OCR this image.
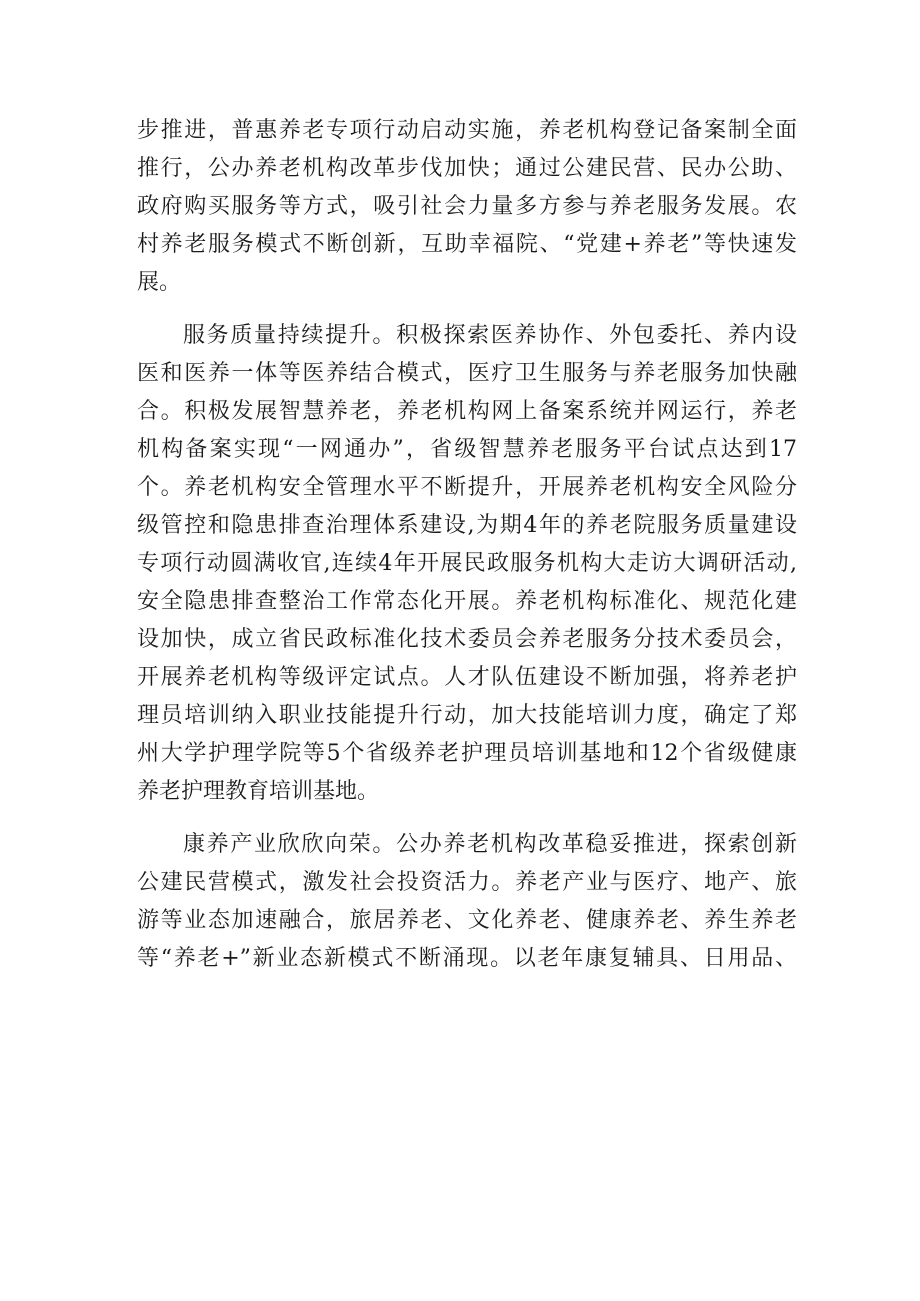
步推进，普惠养老专项行动启动实施，养老机构登记备案制全面
推行，公办养老机构改革步伐加快；通过公建民营、民办公助、
政府购买服务等方式，吸引社会力量多方参与养老服务发展。农
村养老服务模式不断创新，互助幸福院、“党建+养老”等快速发
展。
服务质量持续提升。积极探索医养协作、外包委托、养内设
医和医养一体等医养结合模式，医疗卫生服务与养老服务加快融
合。积极发展智慧养老，养老机构网上备案系统并网运行，养老
机构备案实现“一网通办”，省级智慧养老服务平台试点达到17
个。养老机构安全管理水平不断提升，开展养老机构安全风险分
级管控和隐患排查治理体系建设,为期4年的养老院服务质量建设
专项行动圆满收官,连续4年开展民政服务机构大走访大调研活动,
安全隐患排查整治工作常态化开展。养老机构标准化、规范化建
设加快，成立省民政标准化技术委员会养老服务分技术委员会，
开展养老机构等级评定试点。人才队伍建设不断加强，将养老护
理员培训纳入职业技能提升行动，加大技能培训力度，确定了郑
州大学护理学院等5个省级养老护理员培训基地和12个省级健康
养老护理教育培训基地。
康养产业欣欣向荣。公办养老机构改革稳妥推进，探索创新
公建民营模式，激发社会投资活力。养老产业与医疗、地产、旅
游等业态加速融合，旅居养老、文化养老、健康养老、养生养老
等“养老+”新业态新模式不断涌现。以老年康复辅具、日用品、
